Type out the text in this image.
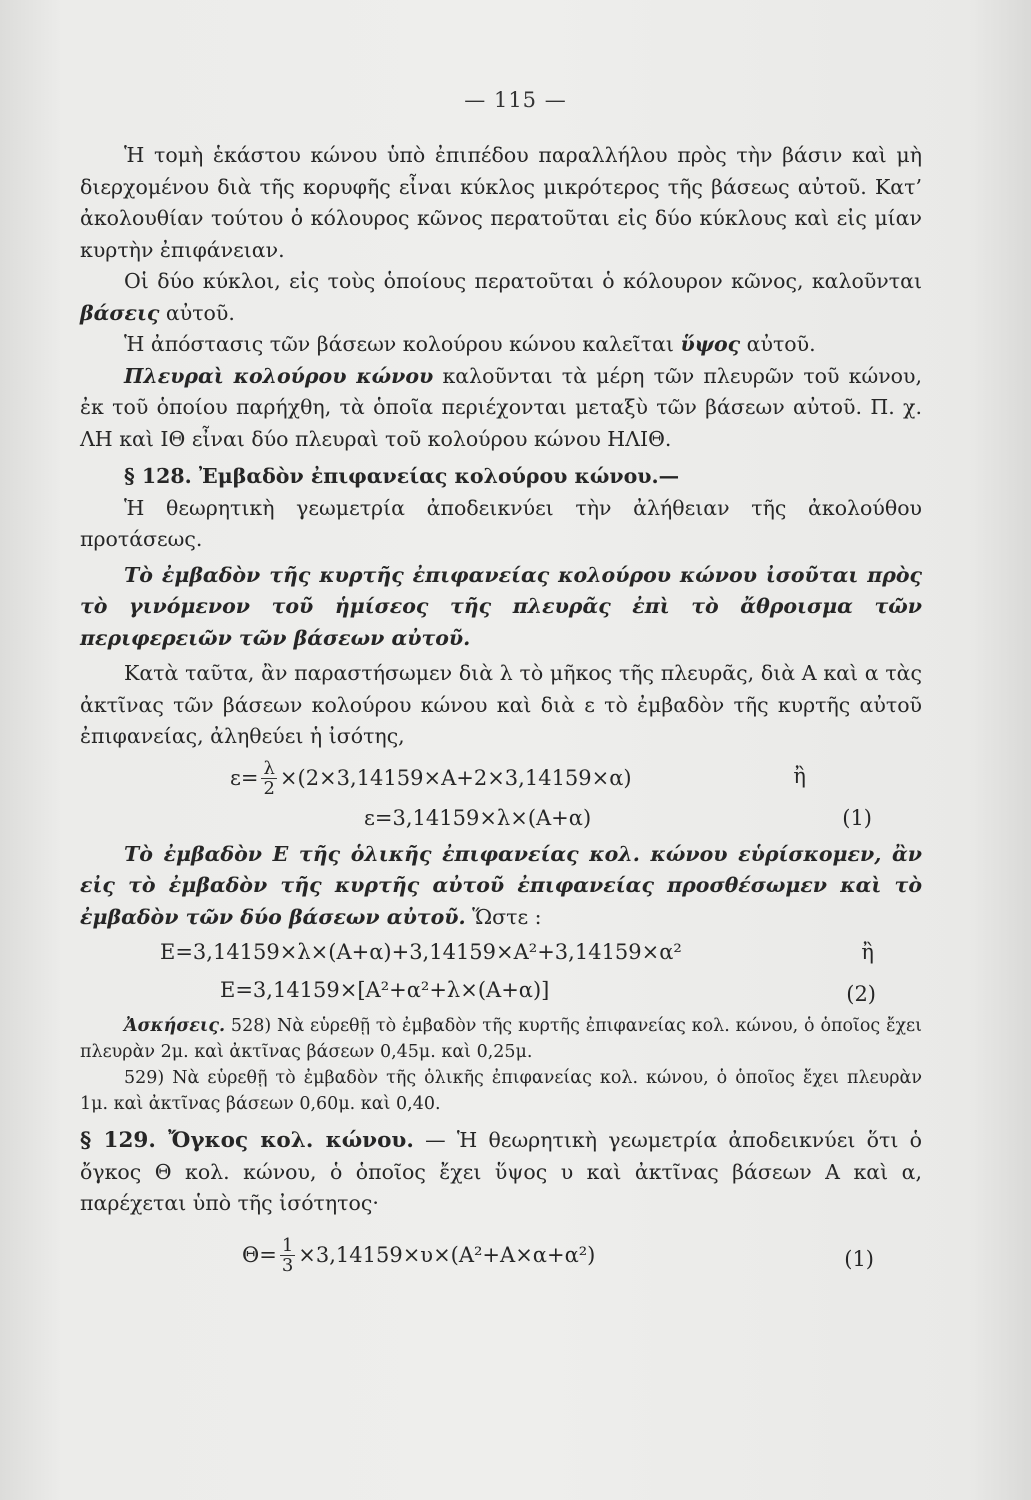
— 115 —

Ἡ τομὴ ἑκάστου κώνου ὑπὸ ἐπιπέδου παραλλήλου πρὸς τὴν βάσιν καὶ μὴ διερχομένου διὰ τῆς κορυφῆς εἶναι κύκλος μικρότερος τῆς βάσεως αὐτοῦ. Κατ’ ἀκολουθίαν τούτου ὁ κόλουρος κῶνος περατοῦται εἰς δύο κύκλους καὶ εἰς μίαν κυρτὴν ἐπιφάνειαν.

Οἱ δύο κύκλοι, εἰς τοὺς ὁποίους περατοῦται ὁ κόλουρον κῶνος, καλοῦνται βάσεις αὐτοῦ.

Ἡ ἀπόστασις τῶν βάσεων κολούρου κώνου καλεῖται ὕψος αὐτοῦ.

Πλευραὶ κολούρου κώνου καλοῦνται τὰ μέρη τῶν πλευρῶν τοῦ κώνου, ἐκ τοῦ ὁποίου παρήχθη, τὰ ὁποῖα περιέχονται μεταξὺ τῶν βάσεων αὐτοῦ. Π. χ. ΛΗ καὶ ΙΘ εἶναι δύο πλευραὶ τοῦ κολούρου κώνου ΗΛΙΘ.

§ 128. Ἐμβαδὸν ἐπιφανείας κολούρου κώνου.—

Ἡ θεωρητικὴ γεωμετρία ἀποδεικνύει τὴν ἀλήθειαν τῆς ἀκολούθου προτάσεως.

Τὸ ἐμβαδὸν τῆς κυρτῆς ἐπιφανείας κολούρου κώνου ἰσοῦται πρὸς τὸ γινόμενον τοῦ ἡμίσεος τῆς πλευρᾶς ἐπὶ τὸ ἄθροισμα τῶν περιφερειῶν τῶν βάσεων αὐτοῦ.

Κατὰ ταῦτα, ἂν παραστήσωμεν διὰ λ τὸ μῆκος τῆς πλευρᾶς, διὰ Α καὶ α τὰς ἀκτῖνας τῶν βάσεων κολούρου κώνου καὶ διὰ ε τὸ ἐμβαδὸν τῆς κυρτῆς αὐτοῦ ἐπιφανείας, ἀληθεύει ἡ ἰσότης,

$\varepsilon= \frac{\lambda}{2} \times(2\times 3,14159\times A+2\times 3,14159\times\alpha)$	ἢ
ε=3,14159×λ×(Α+α)	(1)

Τὸ ἐμβαδὸν Ε τῆς ὁλικῆς ἐπιφανείας κολ. κώνου εὑρίσκομεν, ἂν εἰς τὸ ἐμβαδὸν τῆς κυρτῆς αὐτοῦ ἐπιφανείας προσθέσωμεν καὶ τὸ ἐμβαδὸν τῶν δύο βάσεων αὐτοῦ. Ὥστε :

Ε=3,14159×λ×(Α+α)+3,14159×Α²+3,14159×α²	ἢ
Ε=3,14159×[Α²+α²+λ×(Α+α)]	(2)

Ἀσκήσεις. 528) Νὰ εὑρεθῇ τὸ ἐμβαδὸν τῆς κυρτῆς ἐπιφανείας κολ. κώνου, ὁ ὁποῖος ἔχει πλευρὰν 2μ. καὶ ἀκτῖνας βάσεων 0,45μ. καὶ 0,25μ.

529) Νὰ εὑρεθῇ τὸ ἐμβαδὸν τῆς ὁλικῆς ἐπιφανείας κολ. κώνου, ὁ ὁποῖος ἔχει πλευρὰν 1μ. καὶ ἀκτῖνας βάσεων 0,60μ. καὶ 0,40.

§ 129. Ὄγκος κολ. κώνου. — Ἡ θεωρητικὴ γεωμετρία ἀποδεικνύει ὅτι ὁ ὄγκος Θ κολ. κώνου, ὁ ὁποῖος ἔχει ὕψος υ καὶ ἀκτῖνας βάσεων Α καὶ α, παρέχεται ὑπὸ τῆς ἰσότητος·

$\Theta= \frac{1}{3} \times 3,14159\times\upsilon\times(A^2+A\times\alpha+\alpha^2)$	(1)
